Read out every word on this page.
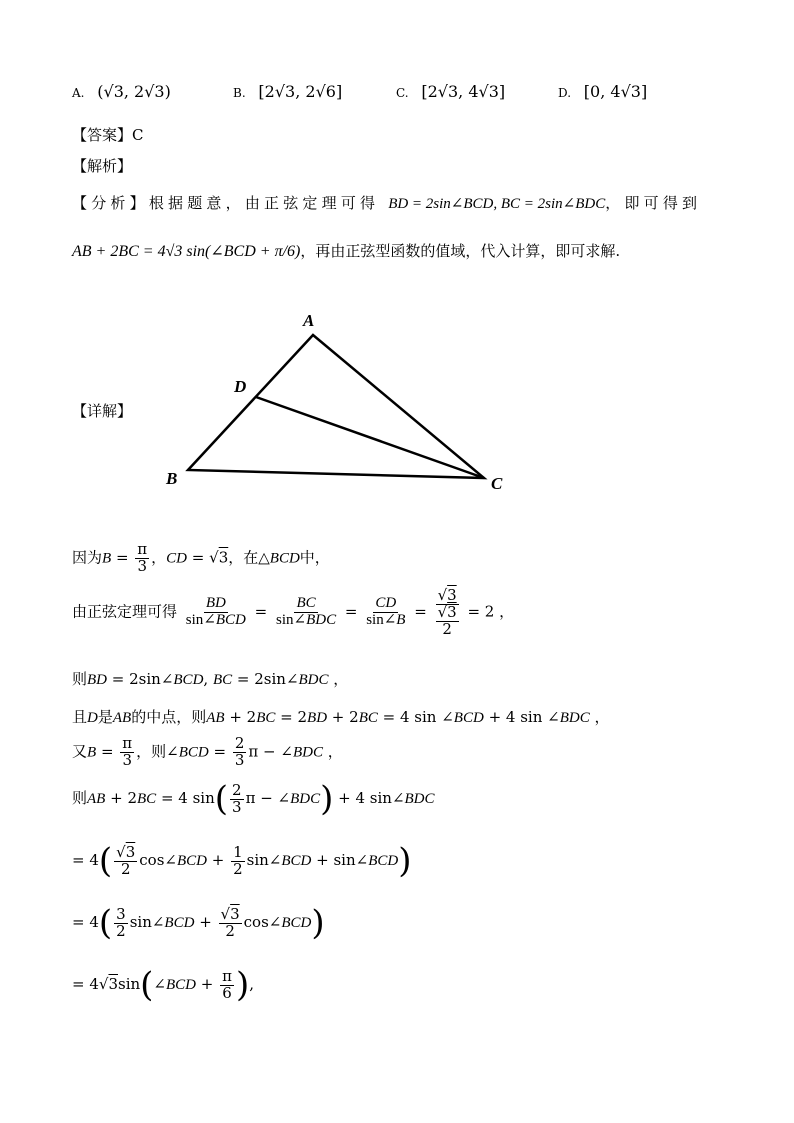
A. (√3, 2√3)	B. [2√3, 2√6]	C. [2√3, 4√3]	D. [0, 4√3]
【答案】C
【解析】
【分析】根据题意，由正弦定理可得 BD = 2sin∠BCD, BC = 2sin∠BDC，即可得到
AB + 2BC = 4√3 sin(∠BCD + π/6)，再由正弦型函数的值域，代入计算，即可求解.
【详解】
A
B	C
D
因为$B = \frac{\pi}{3}$ ，CD = √3，在△BCD中，
由正弦定理可得 $\frac{BD}{\text{sin∠BCD}} = \frac{BC}{\text{sin∠BDC}} = \frac{CD}{\sin\angle B} = \frac{√3}{\frac{√3}{2}} = 2$ ，
则BD = 2sin∠BCD, BC = 2sin∠BDC ，
且D是AB的中点，则AB + 2BC = 2BD + 2BC = 4 sin ∠BCD + 4 sin ∠BDC ，
又$B = \frac{\pi}{3}$ ，则∠BCD = $\frac{2}{3}$ π − ∠BDC ，
则AB + 2BC = 4 $\sin( \frac{2}{3}$ π − ∠BDC) + 4 sin∠BDC
= $4( \frac{√3}{2}$ cos∠BCD + $\frac{1}{2}$ sin∠BCD + sin∠BCD)
= $4( \frac{3}{2}$ sin∠BCD + $\frac{√3}{2}$ cos∠BCD)
= 4√3sin(∠BCD + $\frac{\pi}{6}$ ),
